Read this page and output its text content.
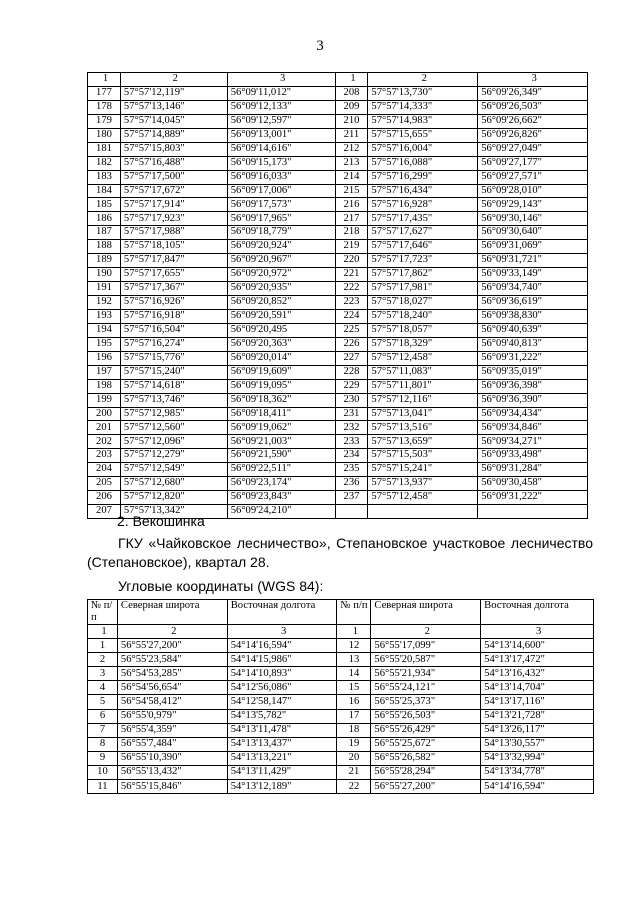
3
1	2	3	1	2	3
177	57°57'12,119"	56°09'11,012"	208	57°57'13,730"	56°09'26,349"
178	57°57'13,146"	56°09'12,133"	209	57°57'14,333"	56°09'26,503"
179	57°57'14,045"	56°09'12,597"	210	57°57'14,983"	56°09'26,662"
180	57°57'14,889"	56°09'13,001"	211	57°57'15,655"	56°09'26,826"
181	57°57'15,803"	56°09'14,616"	212	57°57'16,004"	56°09'27,049"
182	57°57'16,488"	56°09'15,173"	213	57°57'16,088"	56°09'27,177"
183	57°57'17,500"	56°09'16,033"	214	57°57'16,299"	56°09'27,571"
184	57°57'17,672"	56°09'17,006"	215	57°57'16,434"	56°09'28,010"
185	57°57'17,914"	56°09'17,573"	216	57°57'16,928"	56°09'29,143"
186	57°57'17,923"	56°09'17,965"	217	57°57'17,435"	56°09'30,146"
187	57°57'17,988"	56°09'18,779"	218	57°57'17,627"	56°09'30,640"
188	57°57'18,105"	56°09'20,924"	219	57°57'17,646"	56°09'31,069"
189	57°57'17,847"	56°09'20,967"	220	57°57'17,723"	56°09'31,721"
190	57°57'17,655"	56°09'20,972"	221	57°57'17,862"	56°09'33,149"
191	57°57'17,367"	56°09'20,935"	222	57°57'17,981"	56°09'34,740"
192	57°57'16,926"	56°09'20,852"	223	57°57'18,027"	56°09'36,619"
193	57°57'16,918"	56°09'20,591"	224	57°57'18,240"	56°09'38,830"
194	57°57'16,504"	56°09'20,495	225	57°57'18,057"	56°09'40,639"
195	57°57'16,274"	56°09'20,363"	226	57°57'18,329"	56°09'40,813"
196	57°57'15,776"	56°09'20,014"	227	57°57'12,458"	56°09'31,222"
197	57°57'15,240"	56°09'19,609"	228	57°57'11,083"	56°09'35,019"
198	57°57'14,618"	56°09'19,095"	229	57°57'11,801"	56°09'36,398"
199	57°57'13,746"	56°09'18,362"	230	57°57'12,116"	56°09'36,390"
200	57°57'12,985"	56°09'18,411"	231	57°57'13,041"	56°09'34,434"
201	57°57'12,560"	56°09'19,062"	232	57°57'13,516"	56°09'34,846"
202	57°57'12,096"	56°09'21,003"	233	57°57'13,659"	56°09'34,271"
203	57°57'12,279"	56°09'21,590"	234	57°57'15,503"	56°09'33,498"
204	57°57'12,549"	56°09'22,511"	235	57°57'15,241"	56°09'31,284"
205	57°57'12,680"	56°09'23,174"	236	57°57'13,937"	56°09'30,458"
206	57°57'12,820"	56°09'23,843"	237	57°57'12,458"	56°09'31,222"
207	57°57'13,342"	56°09'24,210"			
2. Векошинка
ГКУ «Чайковское лесничество», Степановское участковое лесничество (Степановское), квартал 28.
Угловые координаты (WGS 84):
№ п/п	Северная широта	Восточная долгота	№ п/п	Северная широта	Восточная долгота
1	2	3	1	2	3
1	56°55'27,200"	54°14'16,594"	12	56°55'17,099"	54°13'14,600"
2	56°55'23,584"	54°14'15,986"	13	56°55'20,587"	54°13'17,472"
3	56°54'53,285"	54°14'10,893"	14	56°55'21,934"	54°13'16,432"
4	56°54'56,654"	54°12'56,086"	15	56°55'24,121"	54°13'14,704"
5	56°54'58,412"	54°12'58,147"	16	56°55'25,373"	54°13'17,116"
6	56°55'0,979"	54°13'5,782"	17	56°55'26,503"	54°13'21,728"
7	56°55'4,359"	54°13'11,478"	18	56°55'26,429"	54°13'26,117"
8	56°55'7,484"	54°13'13,437"	19	56°55'25,672"	54°13'30,557"
9	56°55'10,390"	54°13'13,221"	20	56°55'26,582"	54°13'32,994"
10	56°55'13,432"	54°13'11,429"	21	56°55'28,294"	54°13'34,778"
11	56°55'15,846"	54°13'12,189"	22	56°55'27,200"	54°14'16,594"
